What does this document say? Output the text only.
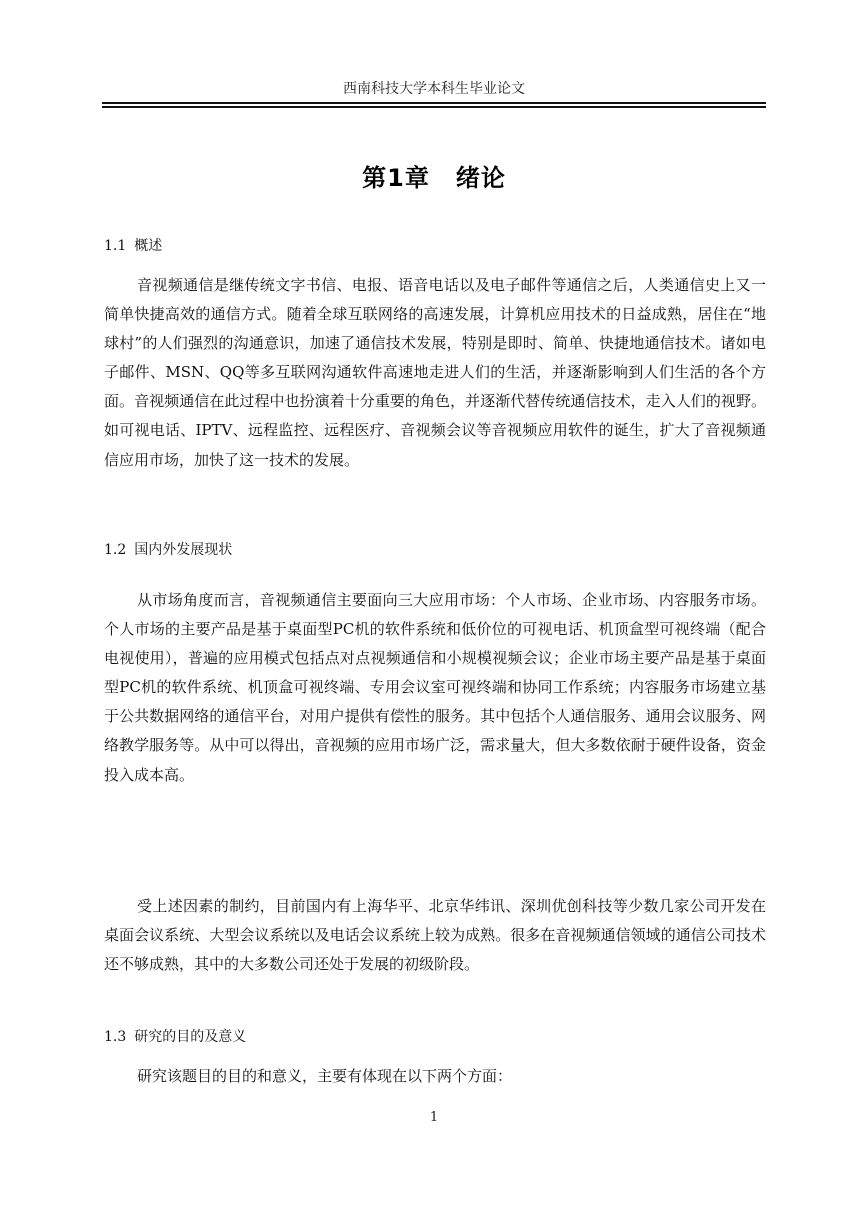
西南科技大学本科生毕业论文
第1章 绪论
1.1 概述

音视频通信是继传统文字书信、电报、语音电话以及电子邮件等通信之后，人类通信史上又一简单快捷高效的通信方式。随着全球互联网络的高速发展，计算机应用技术的日益成熟，居住在“地球村”的人们强烈的沟通意识，加速了通信技术发展，特别是即时、简单、快捷地通信技术。诸如电子邮件、MSN、QQ等多互联网沟通软件高速地走进人们的生活，并逐渐影响到人们生活的各个方面。音视频通信在此过程中也扮演着十分重要的角色，并逐渐代替传统通信技术，走入人们的视野。如可视电话、IPTV、远程监控、远程医疗、音视频会议等音视频应用软件的诞生，扩大了音视频通信应用市场，加快了这一技术的发展。

1.2 国内外发展现状

从市场角度而言，音视频通信主要面向三大应用市场：个人市场、企业市场、内容服务市场。个人市场的主要产品是基于桌面型PC机的软件系统和低价位的可视电话、机顶盒型可视终端（配合电视使用），普遍的应用模式包括点对点视频通信和小规模视频会议；企业市场主要产品是基于桌面型PC机的软件系统、机顶盒可视终端、专用会议室可视终端和协同工作系统；内容服务市场建立基于公共数据网络的通信平台，对用户提供有偿性的服务。其中包括个人通信服务、通用会议服务、网络教学服务等。从中可以得出，音视频的应用市场广泛，需求量大，但大多数依耐于硬件设备，资金投入成本高。

受上述因素的制约，目前国内有上海华平、北京华纬讯、深圳优创科技等少数几家公司开发在桌面会议系统、大型会议系统以及电话会议系统上较为成熟。很多在音视频通信领域的通信公司技术还不够成熟，其中的大多数公司还处于发展的初级阶段。

1.3 研究的目的及意义

研究该题目的目的和意义，主要有体现在以下两个方面：

1
